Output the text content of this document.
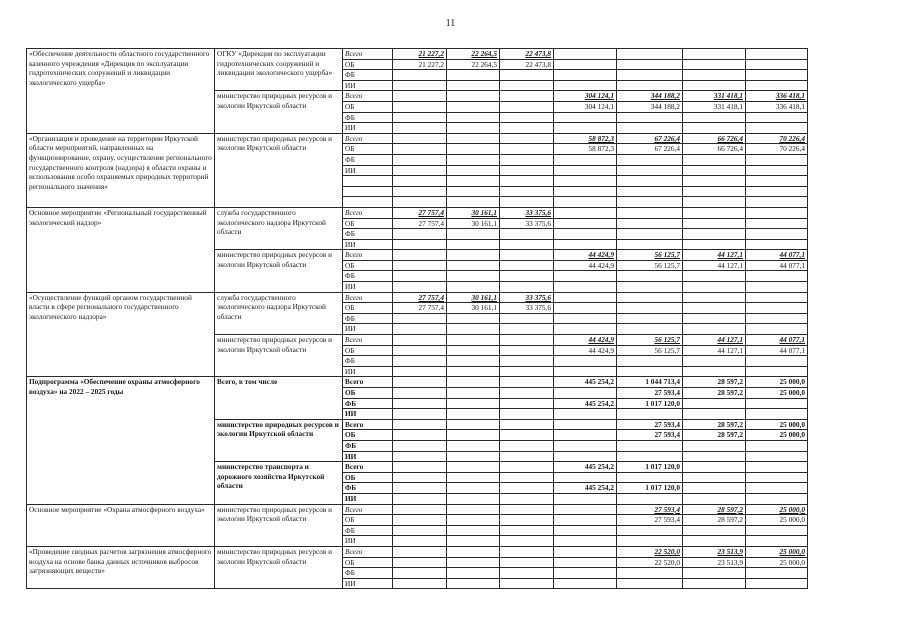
11
«Обеспечение деятельности областного государственного казенного учреждения «Дирекция по эксплуатации гидротехнических сооружений и ликвидации экологического ущерба»	ОГКУ «Дирекция по эксплуатации гидротехнических сооружений и ликвидации экологического ущерба»	Всего	21 227,2	22 264,5	22 473,8				
		ОБ	21 227,2	22 264,5	22 473,8				
		ФБ							
		ИИ							
	министерство природных ресурсов и экологии Иркутской области	Всего				304 124,1	344 188,2	331 418,1	336 418,1
		ОБ				304 124,1	344 188,2	331 418,1	336 418,1
		ФБ							
		ИИ							
«Организация и проведение на территории Иркутской области мероприятий, направленных на функционирование, охрану, осуществление регионального государственного контроля (надзора) в области охраны и использования особо охраняемых природных территорий регионального значения»	министерство природных ресурсов и экологии Иркутской области	Всего				58 872,3	67 226,4	66 726,4	70 226,4
		ОБ				58 872,3	67 226,4	66 726,4	70 226,4
		ФБ							
		ИИ							

Основное мероприятие «Региональный государственный экологический надзор»	служба государственного экологического надзора Иркутской области	Всего	27 757,4	30 161,1	33 375,6				
		ОБ	27 757,4	30 161,1	33 375,6				
		ФБ							
		ИИ							
	министерство природных ресурсов и экологии Иркутской области	Всего				44 424,9	56 125,7	44 127,1	44 077,1
		ОБ				44 424,9	56 125,7	44 127,1	44 077,1
		ФБ							
		ИИ							
«Осуществление функций органом государственной власти в сфере регионального государственного экологического надзора»	служба государственного экологического надзора Иркутской области	Всего	27 757,4	30 161,1	33 375,6				
		ОБ	27 757,4	30 161,1	33 375,6				
		ФБ							
		ИИ							
	министерство природных ресурсов и экологии Иркутской области	Всего				44 424,9	56 125,7	44 127,1	44 077,1
		ОБ				44 424,9	56 125,7	44 127,1	44 077,1
		ФБ							
		ИИ							
Подпрограмма «Обеспечение охраны атмосферного воздуха» на 2022 – 2025 годы	Всего, в том числе	Всего				445 254,2	1 044 713,4	28 597,2	25 000,0
		ОБ					27 593,4	28 597,2	25 000,0
		ФБ				445 254,2	1 017 120,0		
		ИИ							
	министерство природных ресурсов и экологии Иркутской области	Всего					27 593,4	28 597,2	25 000,0
		ОБ					27 593,4	28 597,2	25 000,0
		ФБ							
		ИИ							
	министерство транспорта и дорожного хозяйства Иркутской области	Всего				445 254,2	1 017 120,0		
		ОБ							
		ФБ				445 254,2	1 017 120,0		
		ИИ							
Основное мероприятие «Охрана атмосферного воздуха»	министерство природных ресурсов и экологии Иркутской области	Всего					27 593,4	28 597,2	25 000,0
		ОБ					27 593,4	28 597,2	25 000,0
		ФБ							
		ИИ							
«Проведение сводных расчетов загрязнения атмосферного воздуха на основе банка данных источников выбросов загрязняющих веществ»	министерство природных ресурсов и экологии Иркутской области	Всего					22 520,0	23 513,9	25 000,0
		ОБ					22 520,0	23 513,9	25 000,0
		ФБ							
		ИИ							
